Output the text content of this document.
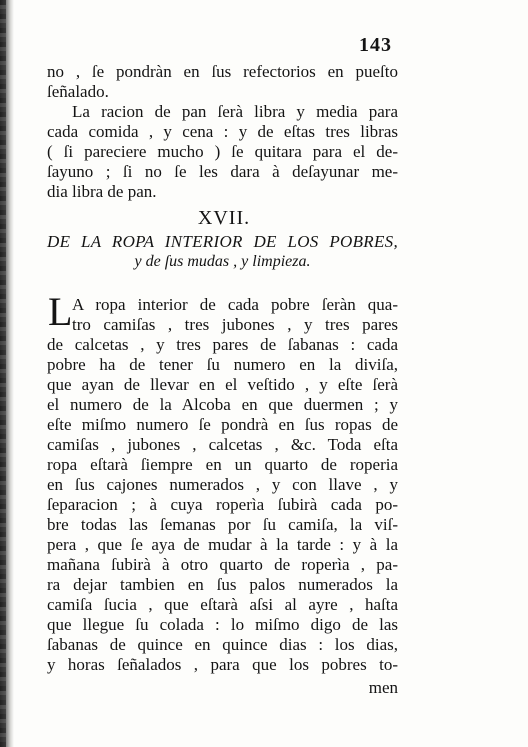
143
no , ſe pondràn en ſus refectorios en pueſto
ſeñalado.
La racion de pan ſerà libra y media para
cada comida , y cena : y de eſtas tres libras
( ſi pareciere mucho ) ſe quitara para el de-
ſayuno ; ſi no ſe les dara à deſayunar me-
dia libra de pan.
XVII.
DE LA ROPA INTERIOR DE LOS POBRES,
y de ſus mudas , y limpieza.
L A ropa interior de cada pobre ſeràn qua-
tro camiſas , tres jubones , y tres pares
de calcetas , y tres pares de ſabanas : cada
pobre ha de tener ſu numero en la diviſa,
que ayan de llevar en el veſtido , y eſte ſerà
el numero de la Alcoba en que duermen ; y
eſte miſmo numero ſe pondrà en ſus ropas de
camiſas , jubones , calcetas , &c. Toda eſta
ropa eſtarà ſiempre en un quarto de roperia
en ſus cajones numerados , y con llave , y
ſeparacion ; à cuya roperìa ſubirà cada po-
bre todas las ſemanas por ſu camiſa, la viſ-
pera , que ſe aya de mudar à la tarde : y à la
mañana ſubirà à otro quarto de roperìa , pa-
ra dejar tambien en ſus palos numerados la
camiſa ſucia , que eſtarà aſsi al ayre , haſta
que llegue ſu colada : lo miſmo digo de las
ſabanas de quince en quince dias : los dias,
y horas ſeñalados , para que los pobres to-
men
